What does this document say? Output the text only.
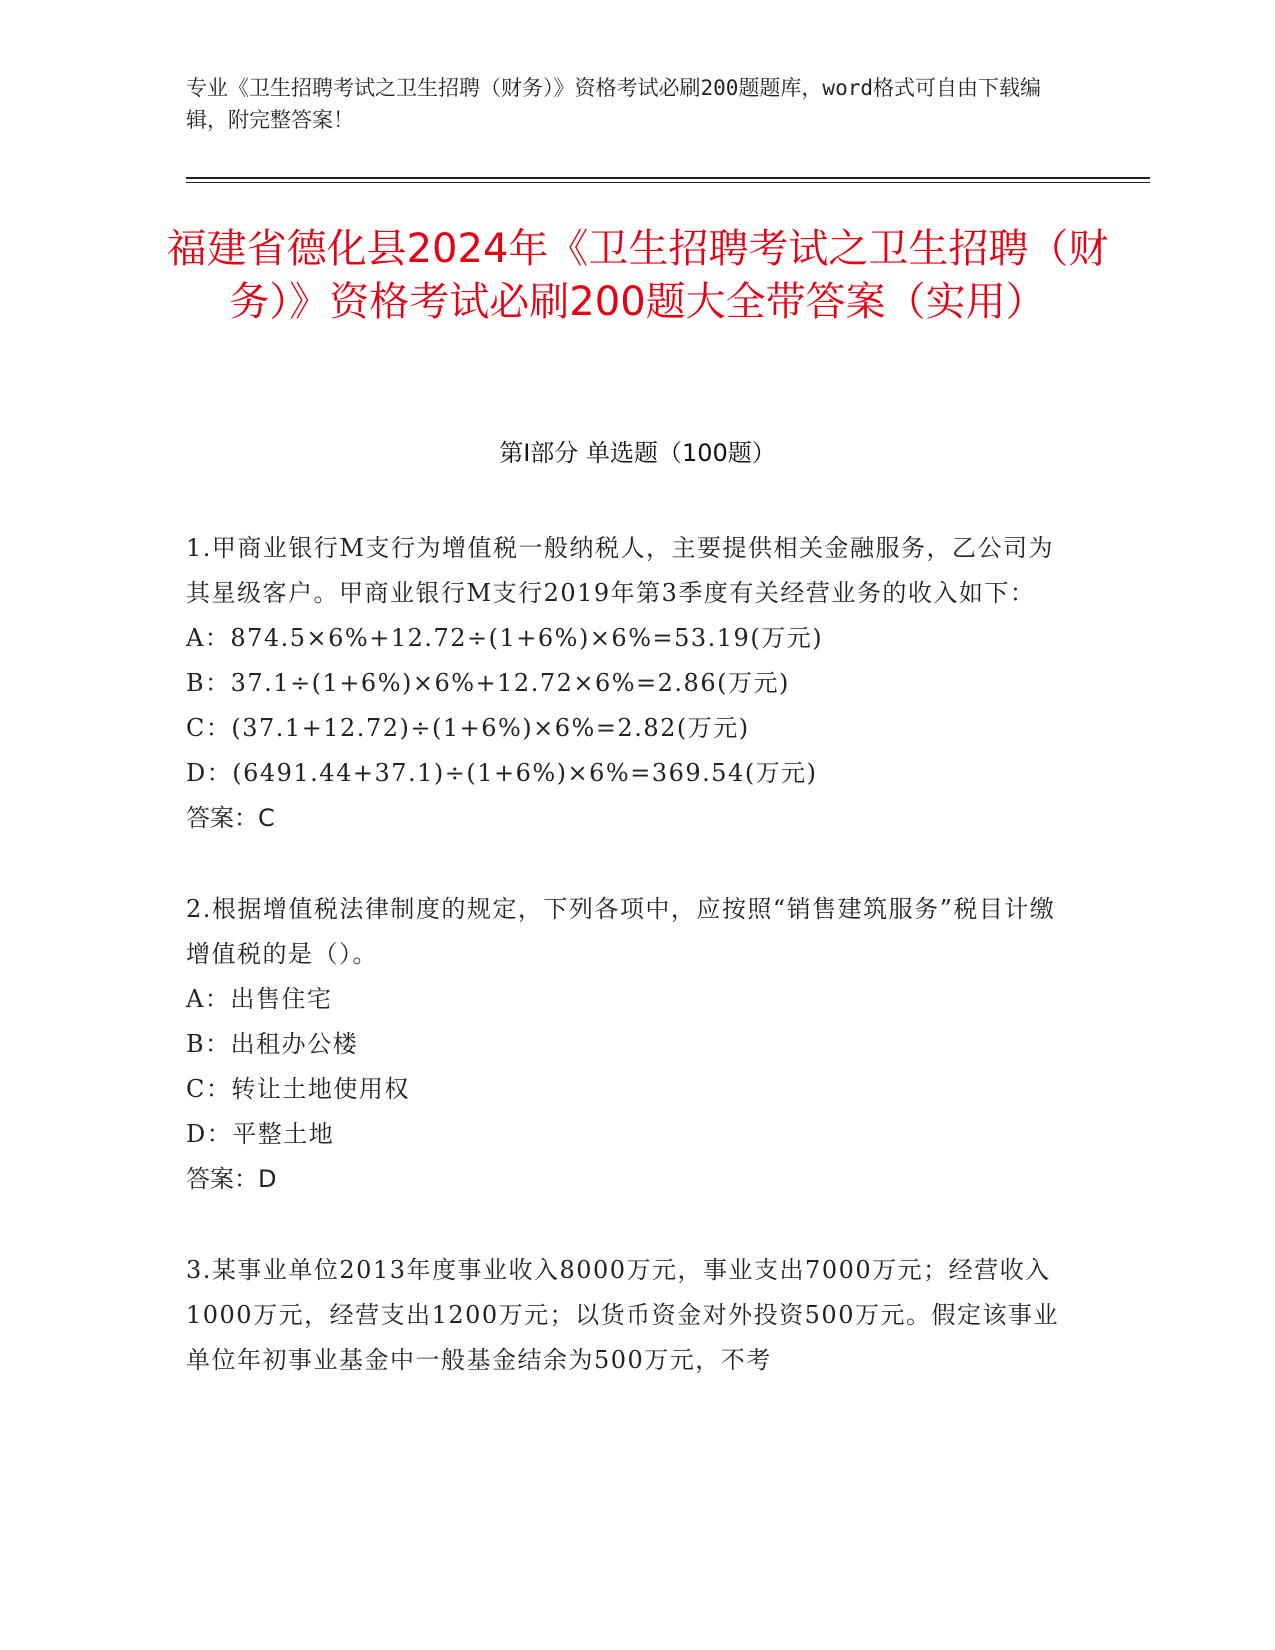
专业《卫生招聘考试之卫生招聘（财务）》资格考试必刷200题题库，word格式可自由下载编辑，附完整答案！
福建省德化县2024年《卫生招聘考试之卫生招聘（财务）》资格考试必刷200题大全带答案（实用）
第Ⅰ部分 单选题（100题）

1.甲商业银行M支行为增值税一般纳税人，主要提供相关金融服务，乙公司为其星级客户。甲商业银行M支行2019年第3季度有关经营业务的收入如下：

A：874.5×6%+12.72÷(1+6%)×6%=53.19(万元)

B：37.1÷(1+6%)×6%+12.72×6%=2.86(万元)

C：(37.1+12.72)÷(1+6%)×6%=2.82(万元)

D：(6491.44+37.1)÷(1+6%)×6%=369.54(万元)

答案：C

2.根据增值税法律制度的规定，下列各项中，应按照“销售建筑服务”税目计缴增值税的是（）。

A：出售住宅

B：出租办公楼

C：转让土地使用权

D：平整土地

答案：D

3.某事业单位2013年度事业收入8000万元，事业支出7000万元；经营收入1000万元，经营支出1200万元；以货币资金对外投资500万元。假定该事业单位年初事业基金中一般基金结余为500万元，不考
